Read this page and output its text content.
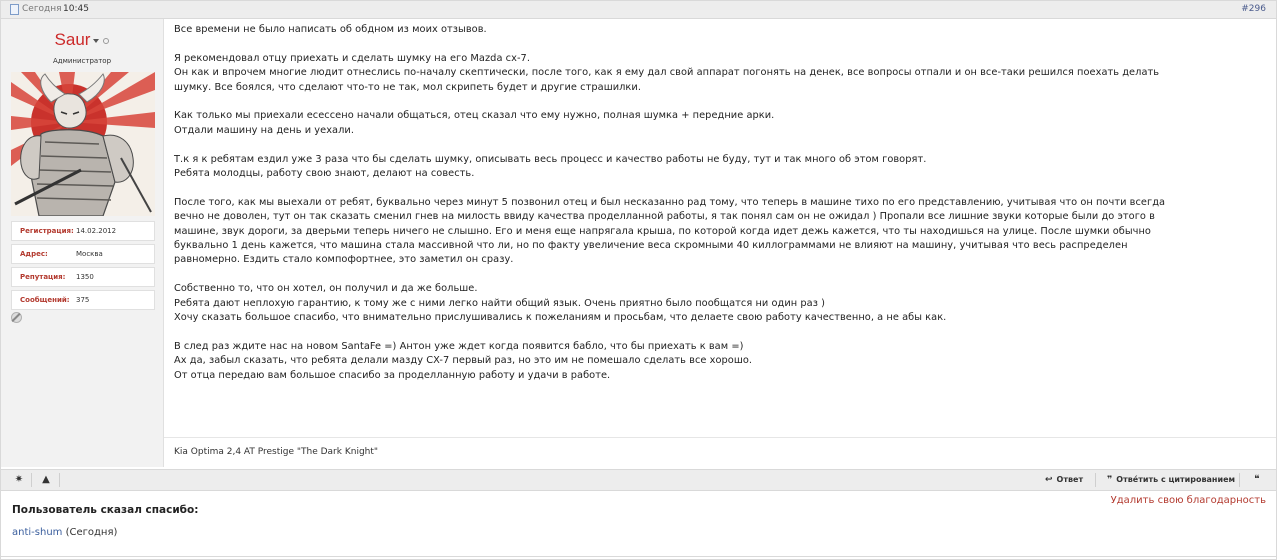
Сегодня 10:45	#296
Saur
Администратор
Регистрация: 14.02.2012
Адрес:	Москва
Репутация: 1350
Сообщений: 375

Все времени не было написать об обдном из моих отзывов.

Я рекомендовал отцу приехать и сделать шумку на его Mazda cx-7.
Он как и впрочем многие людит отнеслись по-началу скептически, после того, как я ему дал свой аппарат погонять на денек, все вопросы отпали и он все-таки решился поехать делать
шумку. Все боялся, что сделают что-то не так, мол скрипеть будет и другие страшилки.

Как только мы приехали есессено начали общаться, отец сказал что ему нужно, полная шумка + передние арки.
Отдали машину на день и уехали.

Т.к я к ребятам ездил уже 3 раза что бы сделать шумку, описывать весь процесс и качество работы не буду, тут и так много об этом говорят.
Ребята молодцы, работу свою знают, делают на совесть.

После того, как мы выехали от ребят, буквально через минут 5 позвонил отец и был несказанно рад тому, что теперь в машине тихо по его представлению, учитывая что он почти всегда
вечно не доволен, тут он так сказать сменил гнев на милость ввиду качества проделланной работы, я так понял сам он не ожидал ) Пропали все лишние звуки которые были до этого в
машине, звук дороги, за дверьми теперь ничего не слышно. Его и меня еще напрягала крыша, по которой когда идет дежь кажется, что ты находишься на улице. После шумки обычно
буквально 1 день кажется, что машина стала массивной что ли, но по факту увеличение веса скромными 40 киллограммами не влияют на машину, учитывая что весь распределен
равномерно. Ездить стало компофортнее, это заметил он сразу.

Собственно то, что он хотел, он получил и да же больше.
Ребята дают неплохую гарантию, к тому же с ними легко найти общий язык. Очень приятно было пообщатся ни один раз )
Хочу сказать большое спасибо, что внимательно прислушивались к пожеланиям и просьбам, что делаете свою работу качественно, а не абы как.

В след раз ждите нас на новом SantaFe =) Антон уже ждет когда появится бабло, что бы приехать к вам =)
Ах да, забыл сказать, что ребята делали мазду CX-7 первый раз, но это им не помешало сделать все хорошо.
От отца передаю вам большое спасибо за проделланную работу и удачи в работе.

Kia Optima 2,4 AT Prestige "The Dark Knight"
✷ ▲	↩ Ответ	❞ Отвéтить с цитированием	❝
Удалить свою благодарность
Пользователь сказал спасибо:
anti-shum (Сегодня)
